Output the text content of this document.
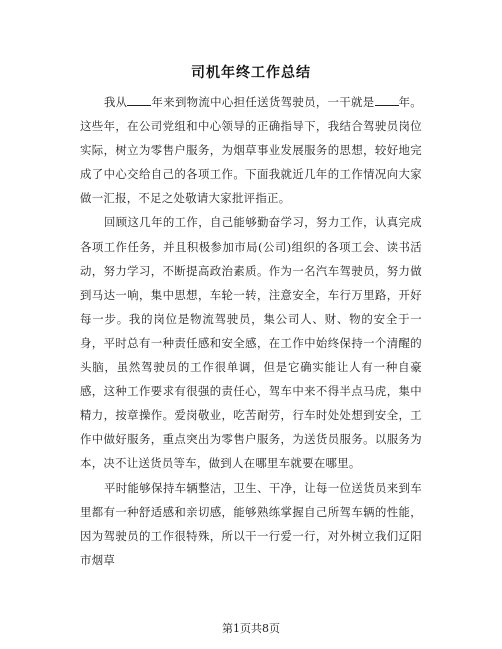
司机年终工作总结

我从 年来到物流中心担任送货驾驶员，一干就是 年。这些年，在公司党组和中心领导的正确指导下，我结合驾驶员岗位实际，树立为零售户服务，为烟草事业发展服务的思想，较好地完成了中心交给自己的各项工作。下面我就近几年的工作情况向大家做一汇报，不足之处敬请大家批评指正。

回顾这几年的工作，自己能够勤奋学习，努力工作，认真完成各项工作任务，并且积极参加市局(公司)组织的各项工会、读书活动，努力学习，不断提高政治素质。作为一名汽车驾驶员，努力做到马达一响，集中思想，车轮一转，注意安全，车行万里路，开好每一步。我的岗位是物流驾驶员，集公司人、财、物的安全于一身，平时总有一种责任感和安全感，在工作中始终保持一个清醒的头脑，虽然驾驶员的工作很单调，但是它确实能让人有一种自豪感，这种工作要求有很强的责任心，驾车中来不得半点马虎，集中精力，按章操作。爱岗敬业，吃苦耐劳，行车时处处想到安全，工作中做好服务，重点突出为零售户服务，为送货员服务。以服务为本，决不让送货员等车，做到人在哪里车就要在哪里。

平时能够保持车辆整洁，卫生、干净，让每一位送货员来到车里都有一种舒适感和亲切感，能够熟练掌握自己所驾车辆的性能，因为驾驶员的工作很特殊，所以干一行爱一行，对外树立我们辽阳市烟草

第1页共8页
